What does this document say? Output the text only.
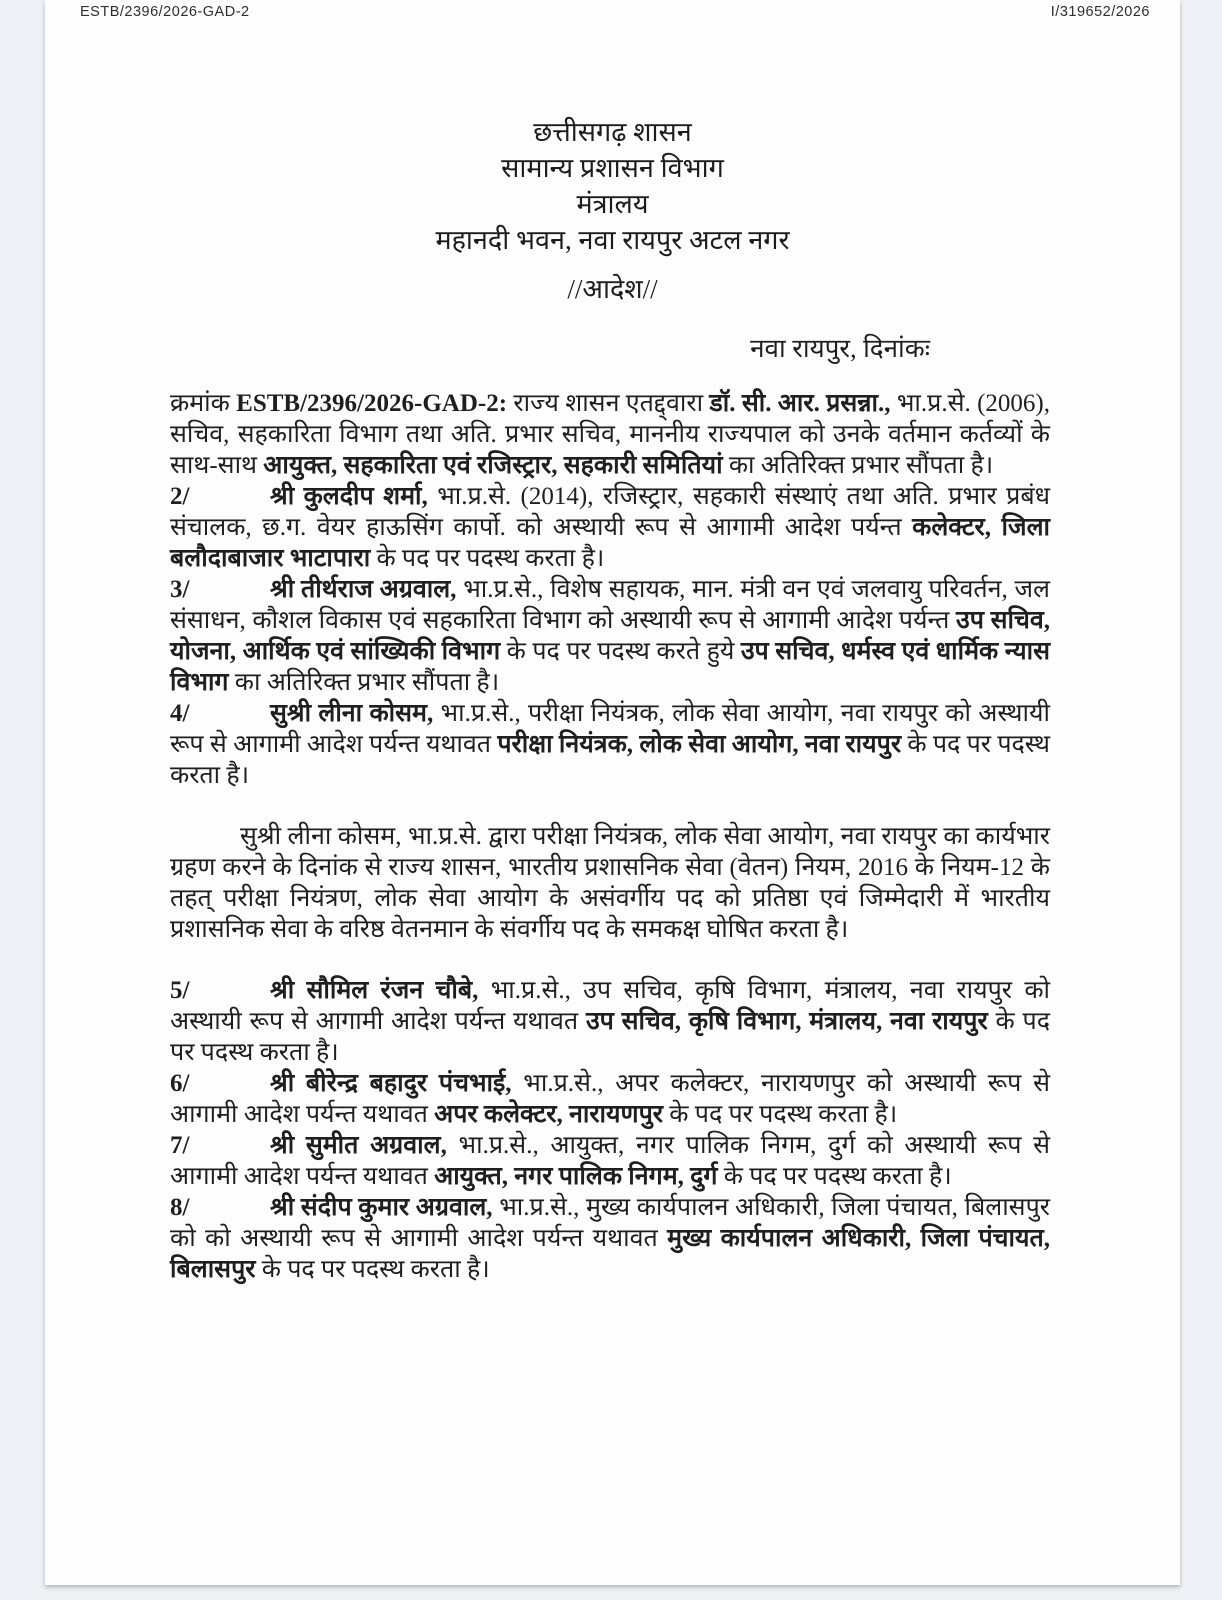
ESTB/2396/2026-GAD-2	I/319652/2026
छत्तीसगढ़ शासन
सामान्य प्रशासन विभाग
मंत्रालय
महानदी भवन, नवा रायपुर अटल नगर
//आदेश//
नवा रायपुर, दिनांकः

क्रमांक ESTB/2396/2026-GAD-2: राज्य शासन एतद्द्वारा डॉ. सी. आर. प्रसन्ना., भा.प्र.से. (2006), सचिव, सहकारिता विभाग तथा अति. प्रभार सचिव, माननीय राज्यपाल को उनके वर्तमान कर्तव्यों के साथ-साथ आयुक्त, सहकारिता एवं रजिस्ट्रार, सहकारी समितियां का अतिरिक्त प्रभार सौंपता है।

2/	श्री कुलदीप शर्मा, भा.प्र.से. (2014), रजिस्ट्रार, सहकारी संस्थाएं तथा अति. प्रभार प्रबंध संचालक, छ.ग. वेयर हाऊसिंग कार्पो. को अस्थायी रूप से आगामी आदेश पर्यन्त कलेक्टर, जिला बलौदाबाजार भाटापारा के पद पर पदस्थ करता है।

3/	श्री तीर्थराज अग्रवाल, भा.प्र.से., विशेष सहायक, मान. मंत्री वन एवं जलवायु परिवर्तन, जल संसाधन, कौशल विकास एवं सहकारिता विभाग को अस्थायी रूप से आगामी आदेश पर्यन्त उप सचिव, योजना, आर्थिक एवं सांख्यिकी विभाग के पद पर पदस्थ करते हुये उप सचिव, धर्मस्व एवं धार्मिक न्यास विभाग का अतिरिक्त प्रभार सौंपता है।

4/	सुश्री लीना कोसम, भा.प्र.से., परीक्षा नियंत्रक, लोक सेवा आयोग, नवा रायपुर को अस्थायी रूप से आगामी आदेश पर्यन्त यथावत परीक्षा नियंत्रक, लोक सेवा आयोग, नवा रायपुर के पद पर पदस्थ करता है।

सुश्री लीना कोसम, भा.प्र.से. द्वारा परीक्षा नियंत्रक, लोक सेवा आयोग, नवा रायपुर का कार्यभार ग्रहण करने के दिनांक से राज्य शासन, भारतीय प्रशासनिक सेवा (वेतन) नियम, 2016 के नियम-12 के तहत् परीक्षा नियंत्रण, लोक सेवा आयोग के असंवर्गीय पद को प्रतिष्ठा एवं जिम्मेदारी में भारतीय प्रशासनिक सेवा के वरिष्ठ वेतनमान के संवर्गीय पद के समकक्ष घोषित करता है।

5/	श्री सौमिल रंजन चौबे, भा.प्र.से., उप सचिव, कृषि विभाग, मंत्रालय, नवा रायपुर को अस्थायी रूप से आगामी आदेश पर्यन्त यथावत उप सचिव, कृषि विभाग, मंत्रालय, नवा रायपुर के पद पर पदस्थ करता है।

6/	श्री बीरेन्द्र बहादुर पंचभाई, भा.प्र.से., अपर कलेक्टर, नारायणपुर को अस्थायी रूप से आगामी आदेश पर्यन्त यथावत अपर कलेक्टर, नारायणपुर के पद पर पदस्थ करता है।

7/	श्री सुमीत अग्रवाल, भा.प्र.से., आयुक्त, नगर पालिक निगम, दुर्ग को अस्थायी रूप से आगामी आदेश पर्यन्त यथावत आयुक्त, नगर पालिक निगम, दुर्ग के पद पर पदस्थ करता है।

8/	श्री संदीप कुमार अग्रवाल, भा.प्र.से., मुख्य कार्यपालन अधिकारी, जिला पंचायत, बिलासपुर को को अस्थायी रूप से आगामी आदेश पर्यन्त यथावत मुख्य कार्यपालन अधिकारी, जिला पंचायत, बिलासपुर के पद पर पदस्थ करता है।
